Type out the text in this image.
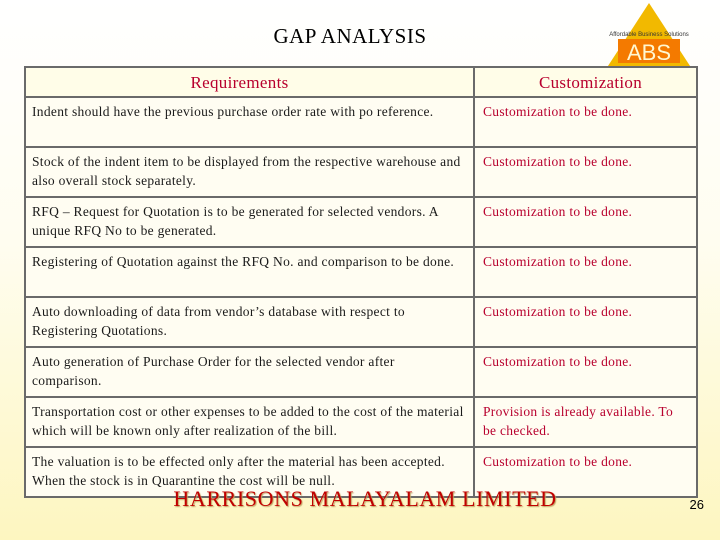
GAP ANALYSIS
ABS
Affordable Business Solutions
Requirements	Customization
Indent should have the previous purchase order rate with po reference.	Customization to be done.
Stock of the indent item to be displayed from the respective warehouse and also overall stock separately.	Customization to be done.
RFQ – Request for Quotation is to be generated for selected vendors. A unique RFQ No to be generated.	Customization to be done.
Registering of Quotation against the RFQ No. and comparison to be done.	Customization to be done.
Auto downloading of data from vendor’s database with respect to Registering Quotations.	Customization to be done.
Auto generation of Purchase Order for the selected vendor after comparison.	Customization to be done.
Transportation cost or other expenses to be added to the cost of the material which will be known only after realization of the bill.	Provision is already available. To be checked.
The valuation is to be effected only after the material has been accepted. When the stock is in Quarantine the cost will be null.	Customization to be done.
HARRISONS MALAYALAM LIMITED	26
